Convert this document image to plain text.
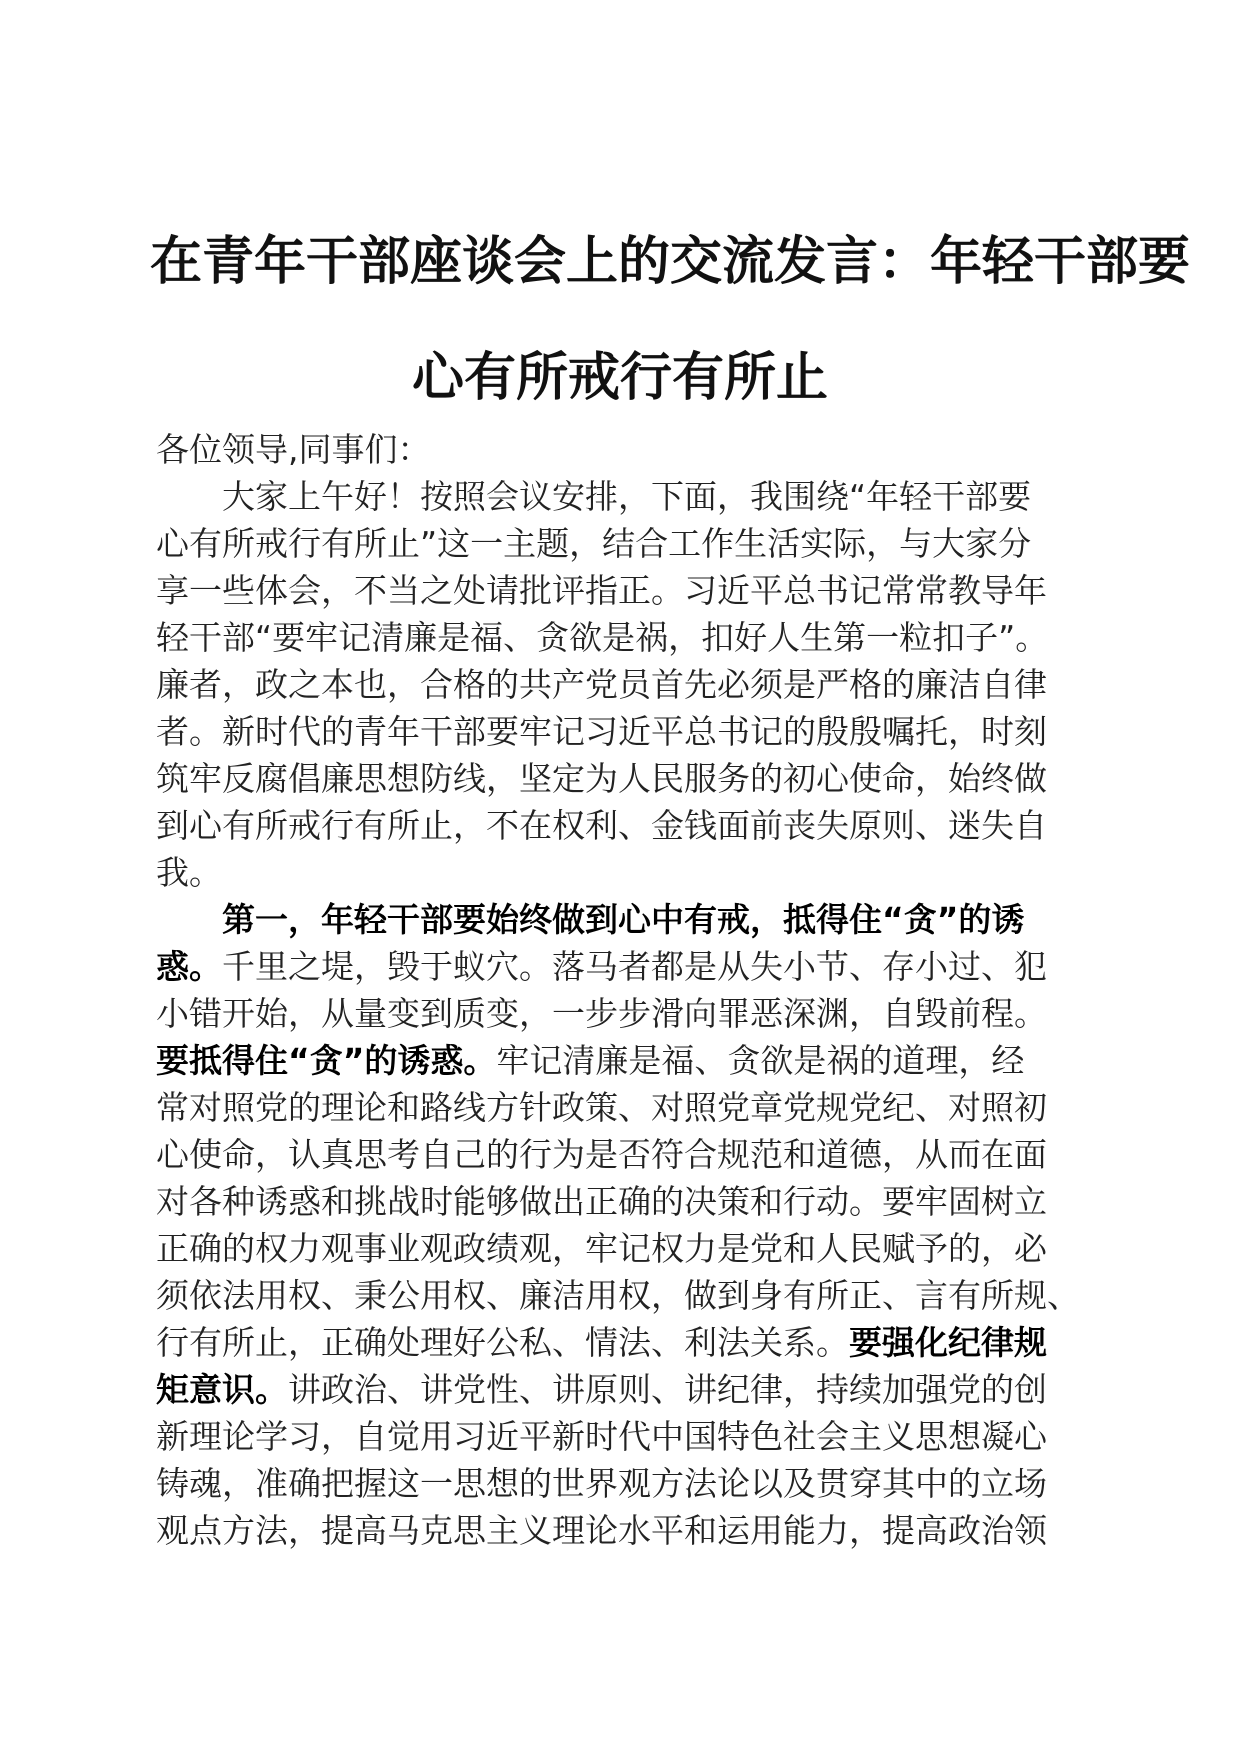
在青年干部座谈会上的交流发言：年轻干部要
心有所戒行有所止
各位领导,同事们：
　　大家上午好！按照会议安排，下面，我围绕“年轻干部要
心有所戒行有所止”这一主题，结合工作生活实际，与大家分
享一些体会，不当之处请批评指正。习近平总书记常常教导年
轻干部“要牢记清廉是福、贪欲是祸，扣好人生第一粒扣子”。
廉者，政之本也，合格的共产党员首先必须是严格的廉洁自律
者。新时代的青年干部要牢记习近平总书记的殷殷嘱托，时刻
筑牢反腐倡廉思想防线，坚定为人民服务的初心使命，始终做
到心有所戒行有所止，不在权利、金钱面前丧失原则、迷失自
我。
　　第一，年轻干部要始终做到心中有戒，抵得住“贪”的诱
惑。千里之堤，毁于蚁穴。落马者都是从失小节、存小过、犯
小错开始，从量变到质变，一步步滑向罪恶深渊，自毁前程。
要抵得住“贪”的诱惑。牢记清廉是福、贪欲是祸的道理，经
常对照党的理论和路线方针政策、对照党章党规党纪、对照初
心使命，认真思考自己的行为是否符合规范和道德，从而在面
对各种诱惑和挑战时能够做出正确的决策和行动。要牢固树立
正确的权力观事业观政绩观，牢记权力是党和人民赋予的，必
须依法用权、秉公用权、廉洁用权，做到身有所正、言有所规、
行有所止，正确处理好公私、情法、利法关系。要强化纪律规
矩意识。讲政治、讲党性、讲原则、讲纪律，持续加强党的创
新理论学习，自觉用习近平新时代中国特色社会主义思想凝心
铸魂，准确把握这一思想的世界观方法论以及贯穿其中的立场
观点方法，提高马克思主义理论水平和运用能力，提高政治领
